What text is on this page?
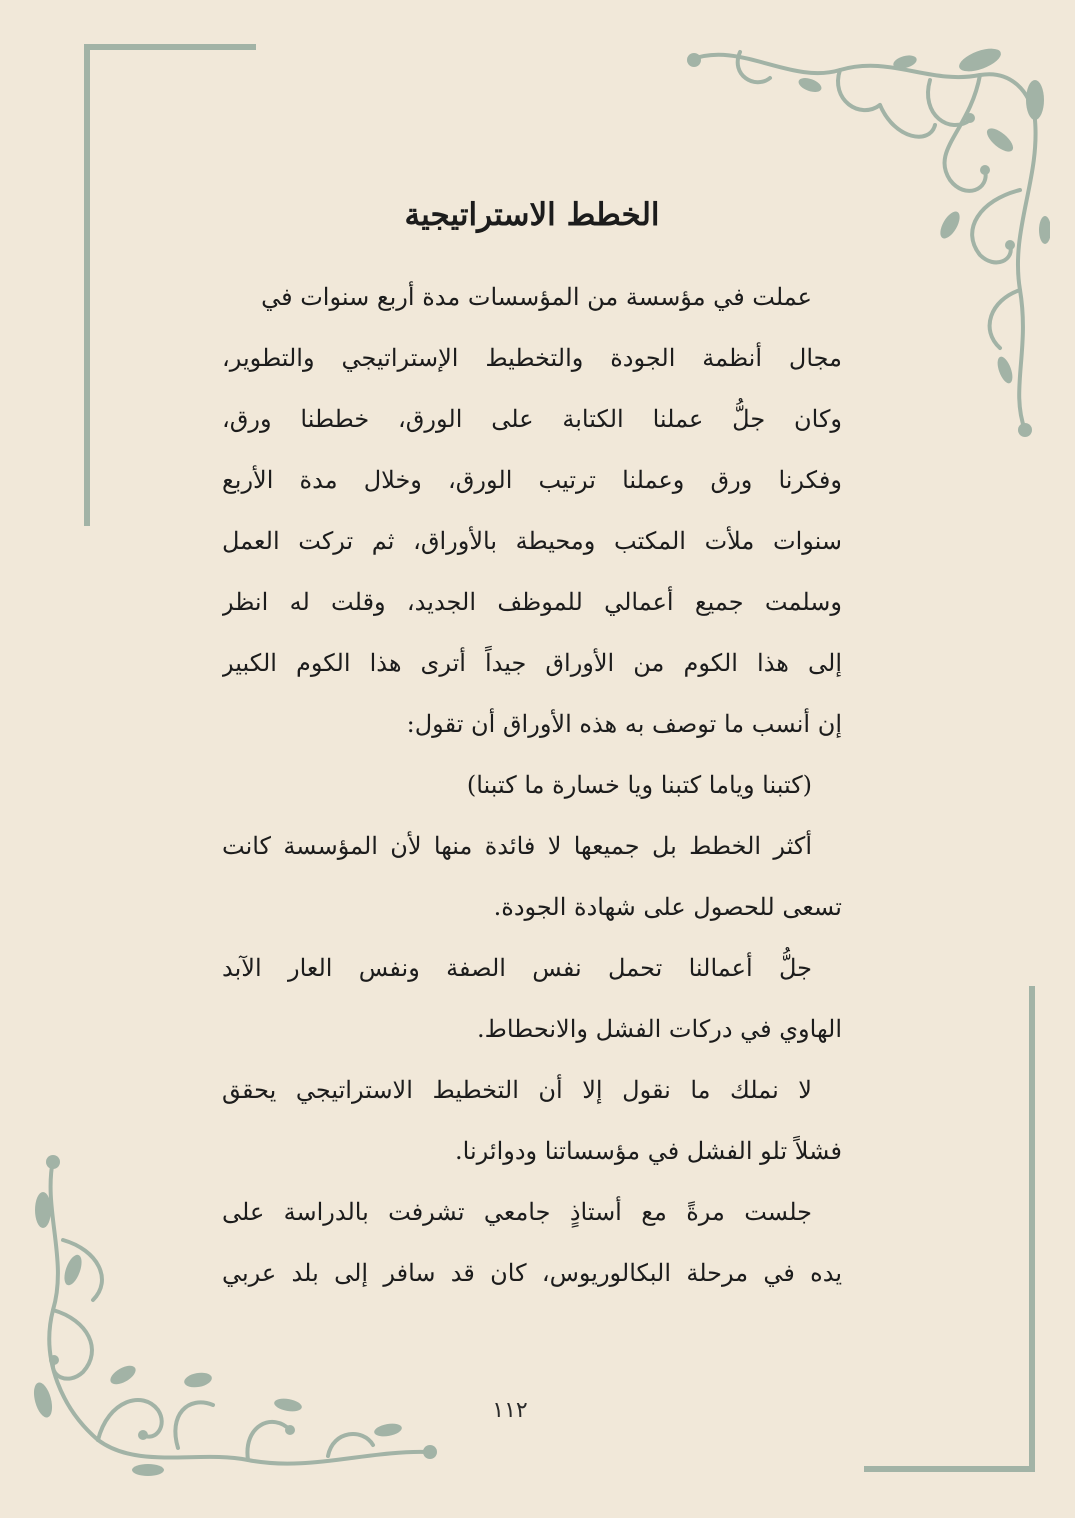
الخطط الاستراتيجية
عملت في مؤسسة من المؤسسات مدة أربع سنوات في
مجال أنظمة الجودة والتخطيط الإستراتيجي والتطوير،
وكان جلُّ عملنا الكتابة على الورق، خططنا ورق،
وفكرنا ورق وعملنا ترتيب الورق، وخلال مدة الأربع
سنوات ملأت المكتب ومحيطة بالأوراق، ثم تركت العمل
وسلمت جميع أعمالي للموظف الجديد، وقلت له انظر
إلى هذا الكوم من الأوراق جيداً أترى هذا الكوم الكبير
إن أنسب ما توصف به هذه الأوراق أن تقول:
(كتبنا وياما كتبنا ويا خسارة ما كتبنا)
أكثر الخطط بل جميعها لا فائدة منها لأن المؤسسة كانت
تسعى للحصول على شهادة الجودة.
جلُّ أعمالنا تحمل نفس الصفة ونفس العار الآبد
الهاوي في دركات الفشل والانحطاط.
لا نملك ما نقول إلا أن التخطيط الاستراتيجي يحقق
فشلاً تلو الفشل في مؤسساتنا ودوائرنا.
جلست مرةً مع أستاذٍ جامعي تشرفت بالدراسة على
يده في مرحلة البكالوريوس، كان قد سافر إلى بلد عربي
١١٢
